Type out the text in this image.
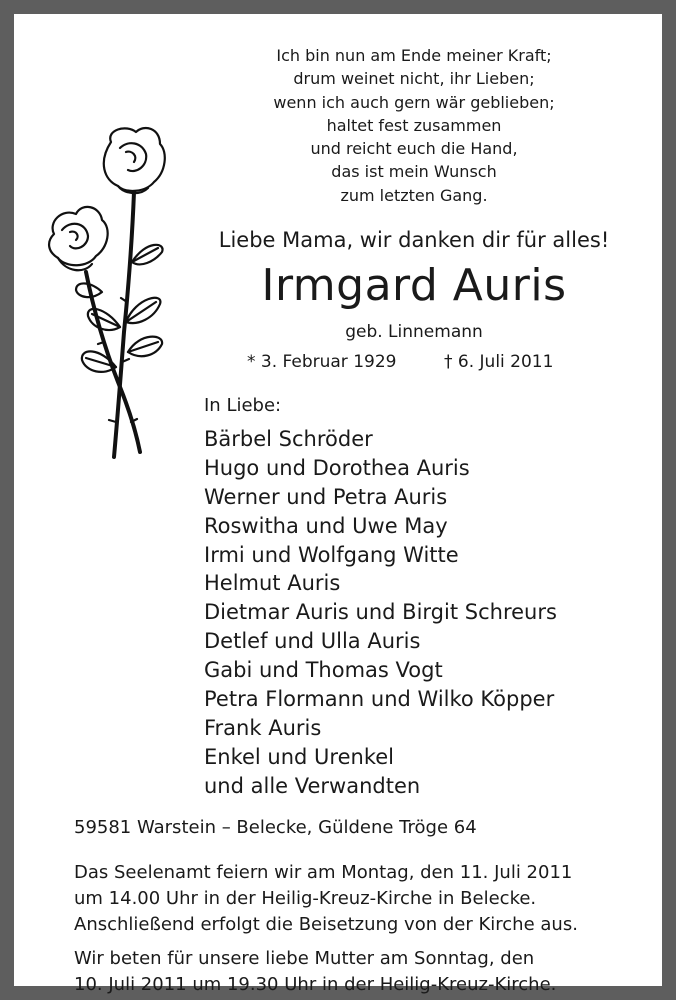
Ich bin nun am Ende meiner Kraft;
drum weinet nicht, ihr Lieben;
wenn ich auch gern wär geblieben;
haltet fest zusammen
und reicht euch die Hand,
das ist mein Wunsch
zum letzten Gang.
Liebe Mama, wir danken dir für alles!
Irmgard Auris
geb. Linnemann
* 3. Februar 1929	† 6. Juli 2011
In Liebe:
Bärbel Schröder
Hugo und Dorothea Auris
Werner und Petra Auris
Roswitha und Uwe May
Irmi und Wolfgang Witte
Helmut Auris
Dietmar Auris und Birgit Schreurs
Detlef und Ulla Auris
Gabi und Thomas Vogt
Petra Flormann und Wilko Köpper
Frank Auris
Enkel und Urenkel
und alle Verwandten
59581 Warstein – Belecke, Güldene Tröge 64
Das Seelenamt feiern wir am Montag, den 11. Juli 2011
um 14.00 Uhr in der Heilig-Kreuz-Kirche in Belecke.
Anschließend erfolgt die Beisetzung von der Kirche aus.
Wir beten für unsere liebe Mutter am Sonntag, den
10. Juli 2011 um 19.30 Uhr in der Heilig-Kreuz-Kirche.
